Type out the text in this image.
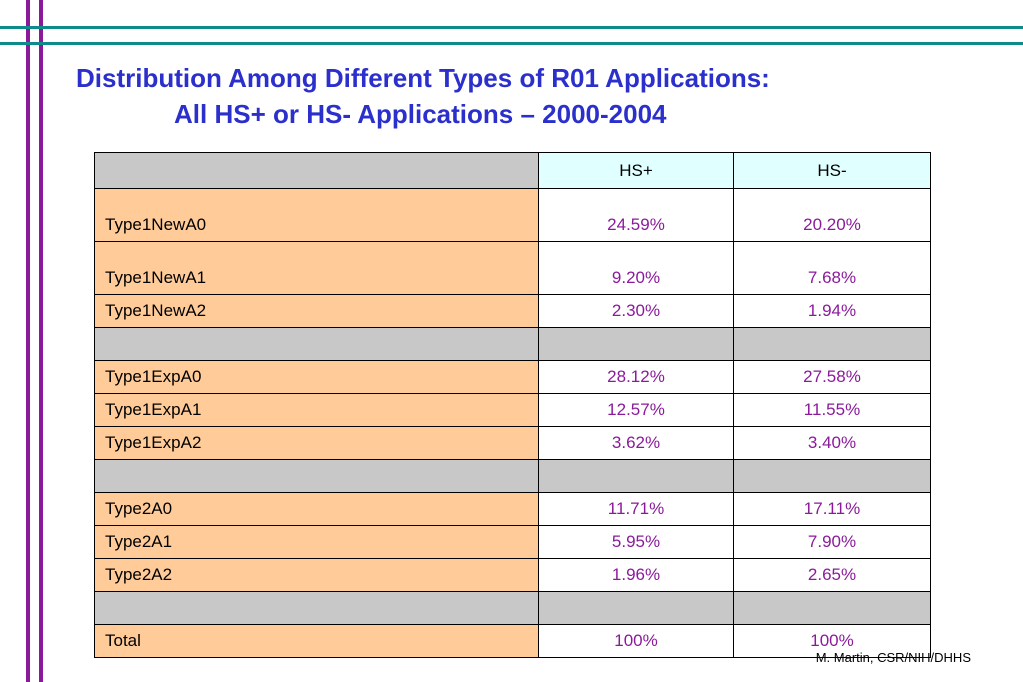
Distribution Among Different Types of R01 Applications:
All HS+ or HS- Applications – 2000-2004
	HS+	HS-
Type1NewA0	24.59%	20.20%
Type1NewA1	9.20%	7.68%
Type1NewA2	2.30%	1.94%

Type1ExpA0	28.12%	27.58%
Type1ExpA1	12.57%	11.55%
Type1ExpA2	3.62%	3.40%

Type2A0	11.71%	17.11%
Type2A1	5.95%	7.90%
Type2A2	1.96%	2.65%

Total	100%	100%
M. Martin, CSR/NIH/DHHS
